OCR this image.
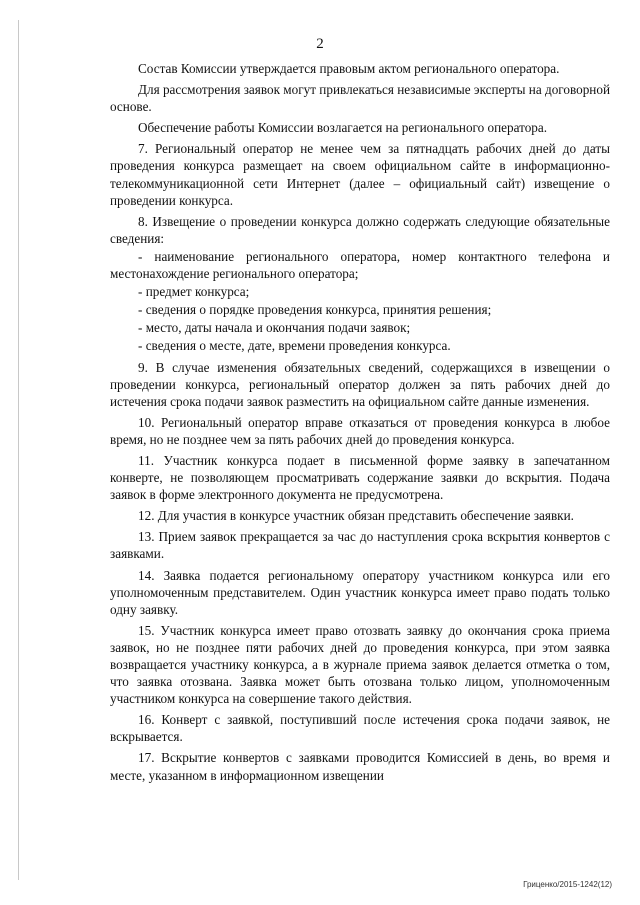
2

Состав Комиссии утверждается правовым актом регионального оператора.

Для рассмотрения заявок могут привлекаться независимые эксперты на договорной основе.

Обеспечение работы Комиссии возлагается на регионального оператора.

7. Региональный оператор не менее чем за пятнадцать рабочих дней до даты проведения конкурса размещает на своем официальном сайте в информационно-телекоммуникационной сети Интернет (далее – официальный сайт) извещение о проведении конкурса.

8. Извещение о проведении конкурса должно содержать следующие обязательные сведения:

- наименование регионального оператора, номер контактного телефона и местонахождение регионального оператора;

- предмет конкурса;

- сведения о порядке проведения конкурса, принятия решения;

- место, даты начала и окончания подачи заявок;

- сведения о месте, дате, времени проведения конкурса.

9. В случае изменения обязательных сведений, содержащихся в извещении о проведении конкурса, региональный оператор должен за пять рабочих дней до истечения срока подачи заявок разместить на официальном сайте данные изменения.

10. Региональный оператор вправе отказаться от проведения конкурса в любое время, но не позднее чем за пять рабочих дней до проведения конкурса.

11. Участник конкурса подает в письменной форме заявку в запечатанном конверте, не позволяющем просматривать содержание заявки до вскрытия. Подача заявок в форме электронного документа не предусмотрена.

12. Для участия в конкурсе участник обязан представить обеспечение заявки.

13. Прием заявок прекращается за час до наступления срока вскрытия конвертов с заявками.

14. Заявка подается региональному оператору участником конкурса или его уполномоченным представителем. Один участник конкурса имеет право подать только одну заявку.

15. Участник конкурса имеет право отозвать заявку до окончания срока приема заявок, но не позднее пяти рабочих дней до проведения конкурса, при этом заявка возвращается участнику конкурса, а в журнале приема заявок делается отметка о том, что заявка отозвана. Заявка может быть отозвана только лицом, уполномоченным участником конкурса на совершение такого действия.

16. Конверт с заявкой, поступивший после истечения срока подачи заявок, не вскрывается.

17. Вскрытие конвертов с заявками проводится Комиссией в день, во время и месте, указанном в информационном извещении

Гриценко/2015-1242(12)
